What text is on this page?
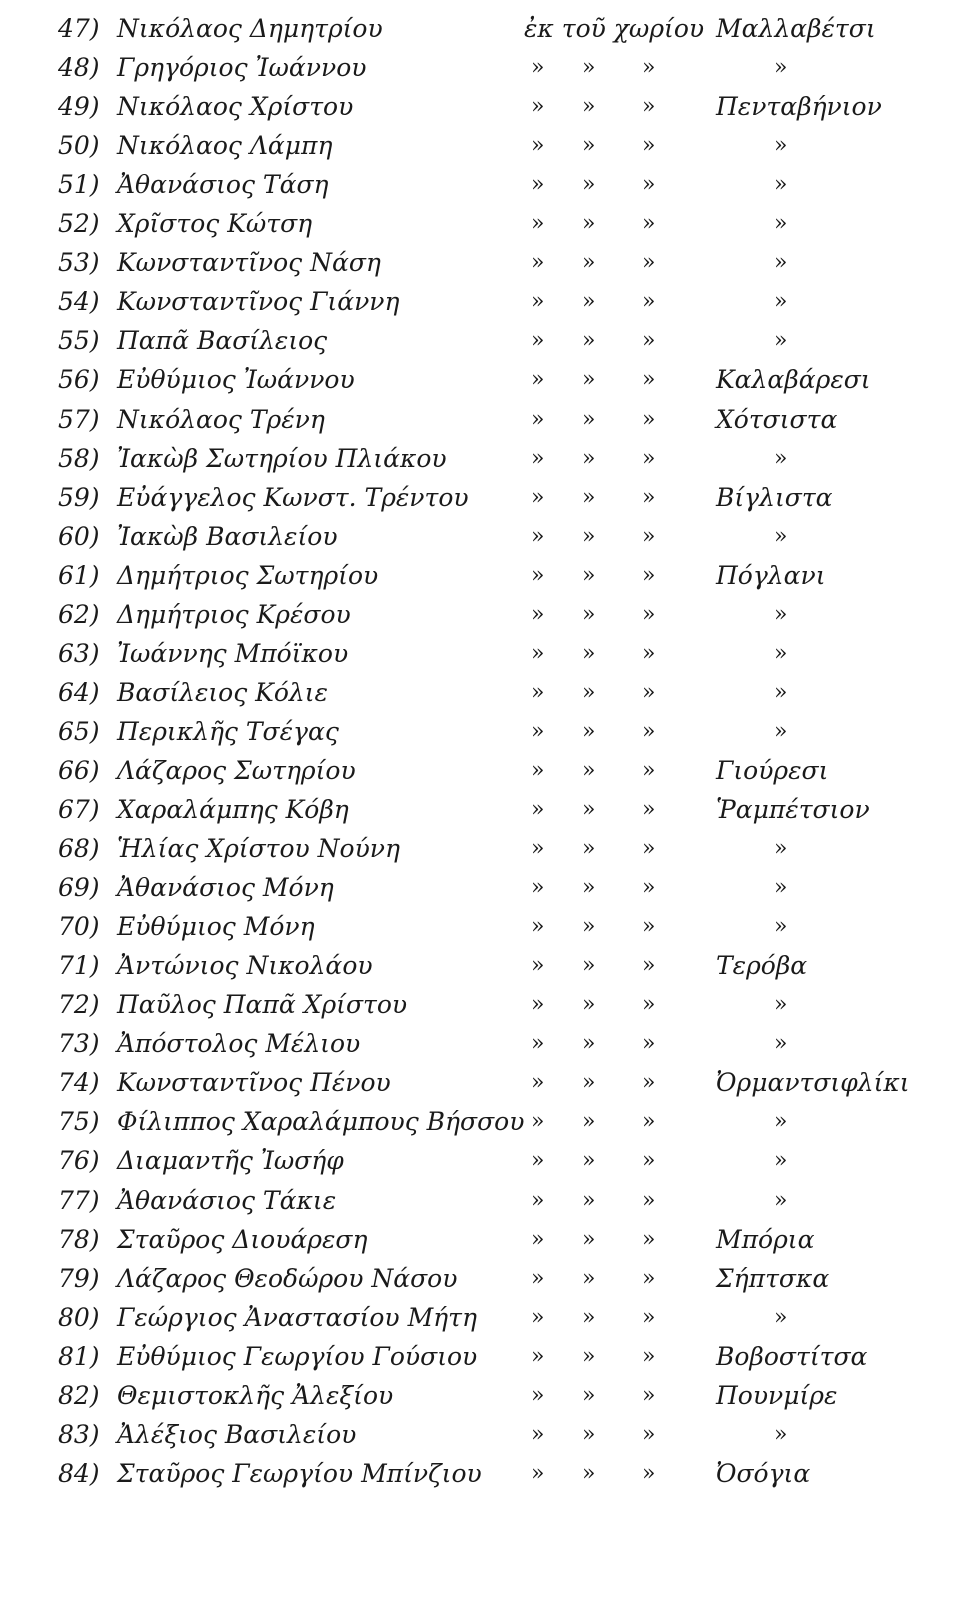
47) Νικόλαος Δημητρίου	ἐκ τοῦ χωρίου Μαλλαβέτσι
48) Γρηγόριος Ἰωάννου	» » »	»
49) Νικόλαος Χρίστου	» » » Πενταβήνιον
50) Νικόλαος Λάμπη	» » »	»
51) Ἀθανάσιος Τάση	» » »	»
52) Χρῖστος Κώτση	» » »	»
53) Κωνσταντῖνος Νάση	» » »	»
54) Κωνσταντῖνος Γιάννη	» » »	»
55) Παπᾶ Βασίλειος	» » »	»
56) Εὐθύμιος Ἰωάννου	» » » Καλαβάρεσι
57) Νικόλαος Τρένη	» » » Χότσιστα
58) Ἰακὼβ Σωτηρίου Πλιάκου	» » »	»
59) Εὐάγγελος Κωνστ. Τρέντου	» » » Βίγλιστα
60) Ἰακὼβ Βασιλείου	» » »	»
61) Δημήτριος Σωτηρίου	» » » Πόγλανι
62) Δημήτριος Κρέσου	» » »	»
63) Ἰωάννης Μπόϊκου	» » »	»
64) Βασίλειος Κόλιε	» » »	»
65) Περικλῆς Τσέγας	» » »	»
66) Λάζαρος Σωτηρίου	» » » Γιούρεσι
67) Χαραλάμπης Κόβη	» » » Ῥαμπέτσιον
68) Ἡλίας Χρίστου Νούνη	» » »	»
69) Ἀθανάσιος Μόνη	» » »	»
70) Εὐθύμιος Μόνη	» » »	»
71) Ἀντώνιος Νικολάου	» » » Τερόβα
72) Παῦλος Παπᾶ Χρίστου	» » »	»
73) Ἀπόστολος Μέλιου	» » »	»
74) Κωνσταντῖνος Πένου	» » » Ὀρμαντσιφλίκι
75) Φίλιππος Χαραλάμπους Βήσσου » » »	»
76) Διαμαντῆς Ἰωσήφ	» » »	»
77) Ἀθανάσιος Τάκιε	» » »	»
78) Σταῦρος Διουάρεση	» » » Μπόρια
79) Λάζαρος Θεοδώρου Νάσου	» » » Σήπτσκα
80) Γεώργιος Ἀναστασίου Μήτη » » »	»
81) Εὐθύμιος Γεωργίου Γούσιου » » » Βοβοστίτσα
82) Θεμιστοκλῆς Ἀλεξίου	» » » Πουνμίρε
83) Ἀλέξιος Βασιλείου	» » »	»
84) Σταῦρος Γεωργίου Μπίνζιου » » » Ὀσόγια
